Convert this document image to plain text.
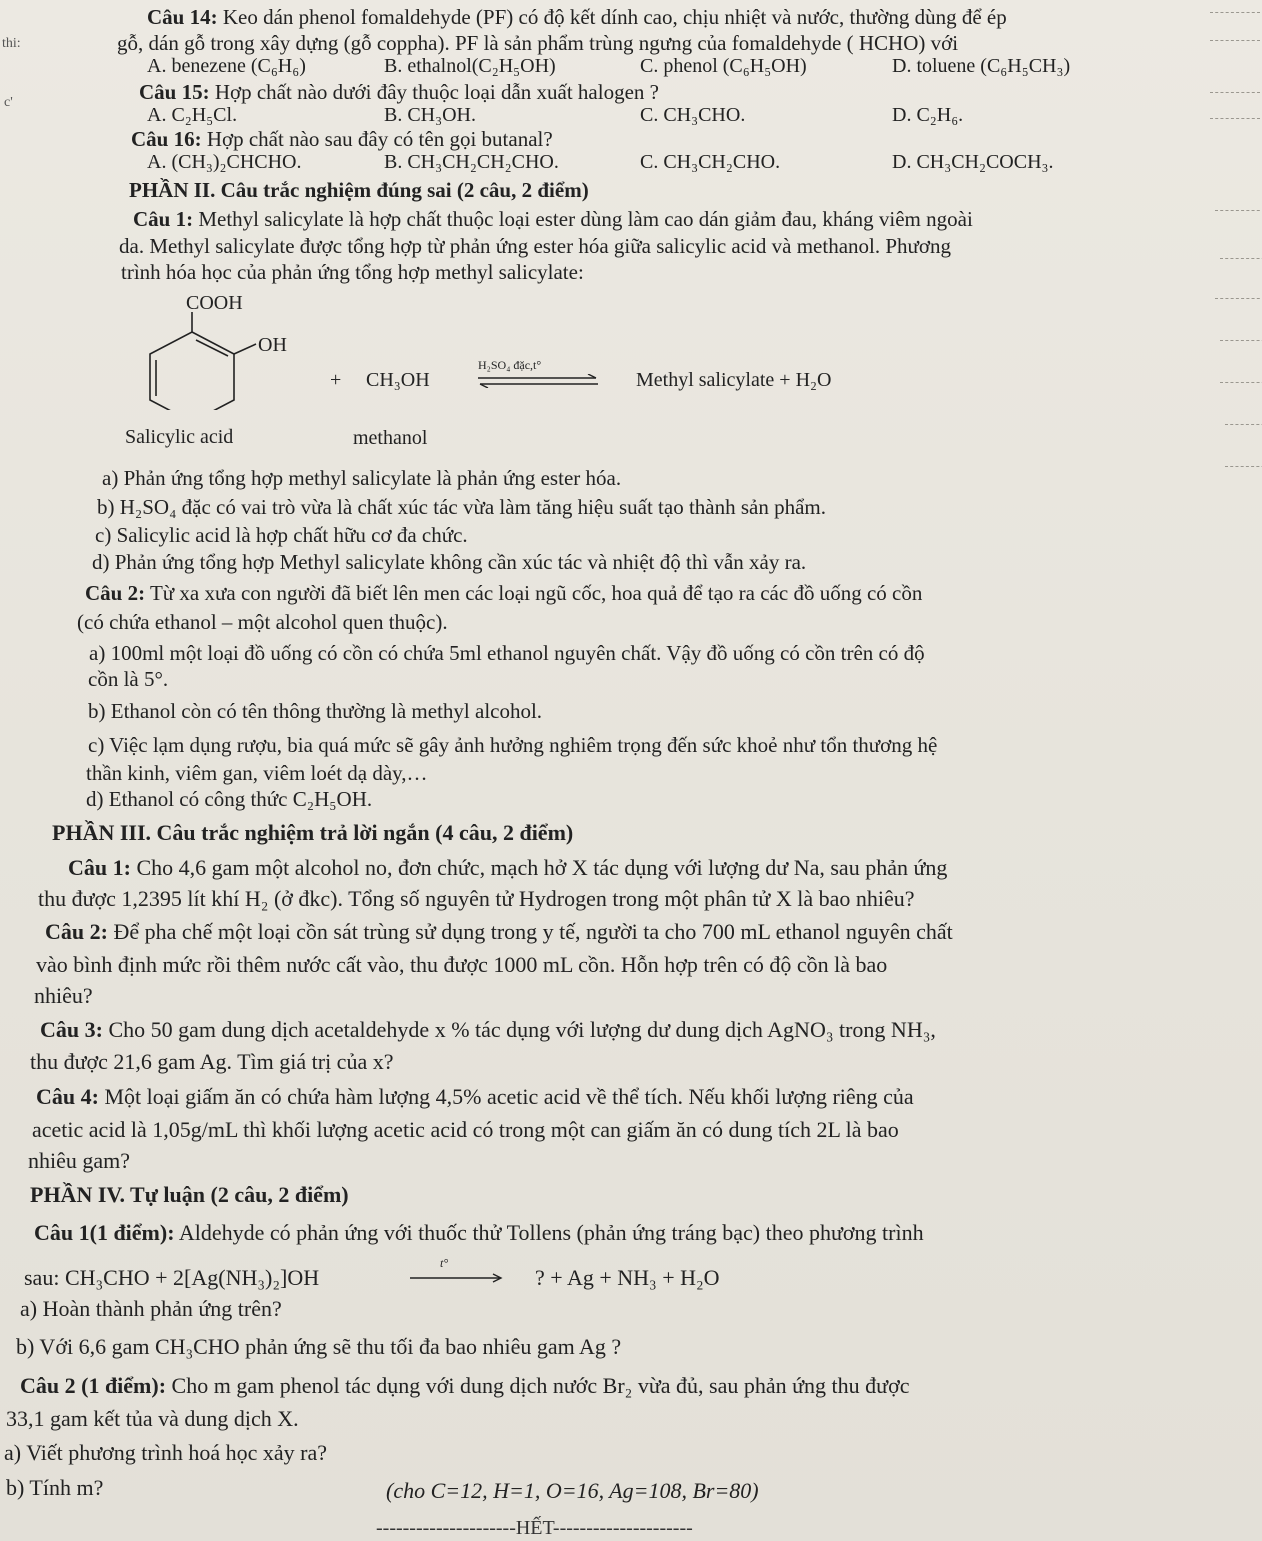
thi:
c'
Câu 14: Keo dán phenol fomaldehyde (PF) có độ kết dính cao, chịu nhiệt và nước, thường dùng để ép
gỗ, dán gỗ trong xây dựng (gỗ coppha). PF là sản phẩm trùng ngưng của fomaldehyde ( HCHO) với
A. benezene (C₆H₆)	B. ethalnol(C₂H₅OH)	C. phenol (C₆H₅OH)	D. toluene (C₆H₅CH₃)
Câu 15: Hợp chất nào dưới đây thuộc loại dẫn xuất halogen ?
A. C₂H₅Cl.	B. CH₃OH.	C. CH₃CHO.	D. C₂H₆.
Câu 16: Hợp chất nào sau đây có tên gọi butanal?
A. (CH₃)₂CHCHO.	B. CH₃CH₂CH₂CHO.	C. CH₃CH₂CHO.	D. CH₃CH₂COCH₃.
PHẦN II. Câu trắc nghiệm đúng sai (2 câu, 2 điểm)
Câu 1: Methyl salicylate là hợp chất thuộc loại ester dùng làm cao dán giảm đau, kháng viêm ngoài
da. Methyl salicylate được tổng hợp từ phản ứng ester hóa giữa salicylic acid và methanol. Phương
trình hóa học của phản ứng tổng hợp methyl salicylate:
COOH
OH
+ CH₃OH
H₂SO₄ đặc,t°
Methyl salicylate + H₂O
Salicylic acid	methanol
a) Phản ứng tổng hợp methyl salicylate là phản ứng ester hóa.
b) H₂SO₄ đặc có vai trò vừa là chất xúc tác vừa làm tăng hiệu suất tạo thành sản phẩm.
c) Salicylic acid là hợp chất hữu cơ đa chức.
d) Phản ứng tổng hợp Methyl salicylate không cần xúc tác và nhiệt độ thì vẫn xảy ra.
Câu 2: Từ xa xưa con người đã biết lên men các loại ngũ cốc, hoa quả để tạo ra các đồ uống có cồn
(có chứa ethanol – một alcohol quen thuộc).
a) 100ml một loại đồ uống có cồn có chứa 5ml ethanol nguyên chất. Vậy đồ uống có cồn trên có độ
cồn là 5°.
b) Ethanol còn có tên thông thường là methyl alcohol.
c) Việc lạm dụng rượu, bia quá mức sẽ gây ảnh hưởng nghiêm trọng đến sức khoẻ như tổn thương hệ
thần kinh, viêm gan, viêm loét dạ dày,…
d) Ethanol có công thức C₂H₅OH.
PHẦN III. Câu trắc nghiệm trả lời ngắn (4 câu, 2 điểm)
Câu 1: Cho 4,6 gam một alcohol no, đơn chức, mạch hở X tác dụng với lượng dư Na, sau phản ứng
thu được 1,2395 lít khí H₂ (ở đkc). Tổng số nguyên tử Hydrogen trong một phân tử X là bao nhiêu?
Câu 2: Để pha chế một loại cồn sát trùng sử dụng trong y tế, người ta cho 700 mL ethanol nguyên chất
vào bình định mức rồi thêm nước cất vào, thu được 1000 mL cồn. Hỗn hợp trên có độ cồn là bao
nhiêu?
Câu 3: Cho 50 gam dung dịch acetaldehyde x % tác dụng với lượng dư dung dịch AgNO₃ trong NH₃,
thu được 21,6 gam Ag. Tìm giá trị của x?
Câu 4: Một loại giấm ăn có chứa hàm lượng 4,5% acetic acid về thể tích. Nếu khối lượng riêng của
acetic acid là 1,05g/mL thì khối lượng acetic acid có trong một can giấm ăn có dung tích 2L là bao
nhiêu gam?
PHẦN IV. Tự luận (2 câu, 2 điểm)
Câu 1(1 điểm): Aldehyde có phản ứng với thuốc thử Tollens (phản ứng tráng bạc) theo phương trình
sau: CH₃CHO + 2[Ag(NH₃)₂]OH
t°
? + Ag + NH₃ + H₂O
a) Hoàn thành phản ứng trên?
b) Với 6,6 gam CH₃CHO phản ứng sẽ thu tối đa bao nhiêu gam Ag ?
Câu 2 (1 điểm): Cho m gam phenol tác dụng với dung dịch nước Br₂ vừa đủ, sau phản ứng thu được
33,1 gam kết tủa và dung dịch X.
a) Viết phương trình hoá học xảy ra?
b) Tính m?	(cho C=12, H=1, O=16, Ag=108, Br=80)
---------------------HẾT---------------------
